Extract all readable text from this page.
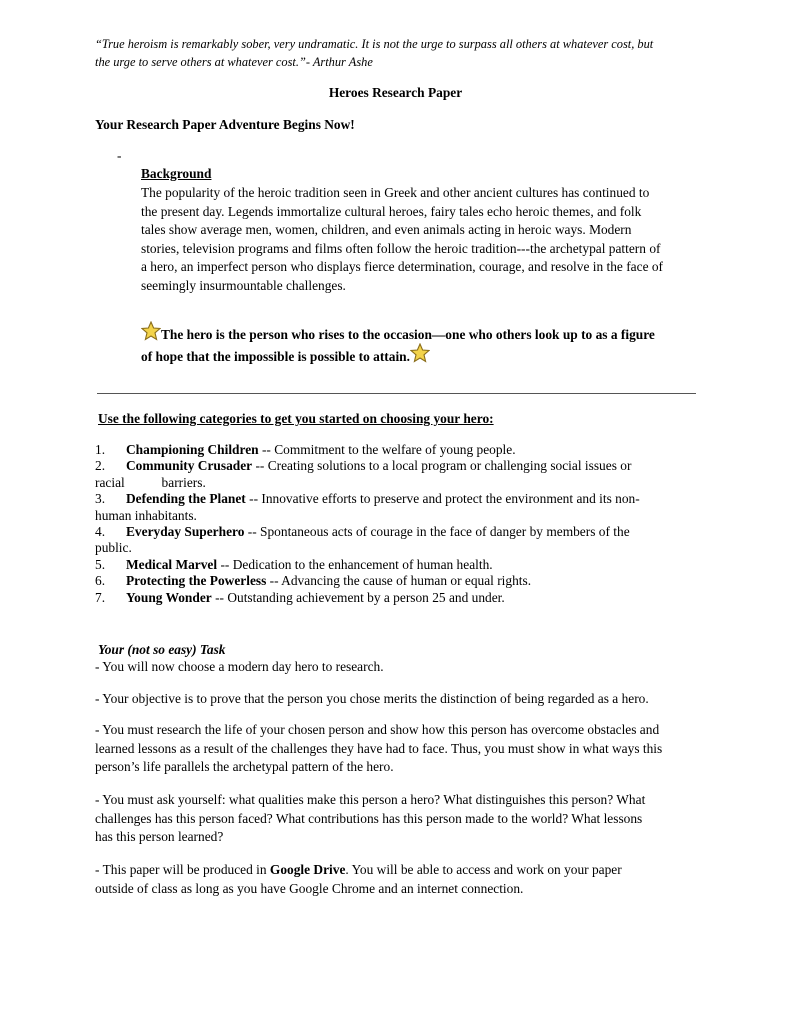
“True heroism is remarkably sober, very undramatic. It is not the urge to surpass all others at whatever cost, but
the urge to serve others at whatever cost.”- Arthur Ashe
Heroes Research Paper
Your Research Paper Adventure Begins Now!
-
Background
The popularity of the heroic tradition seen in Greek and other ancient cultures has continued to
the present day. Legends immortalize cultural heroes, fairy tales echo heroic themes, and folk
tales show average men, women, children, and even animals acting in heroic ways. Modern
stories, television programs and films often follow the heroic tradition---the archetypal pattern of
a hero, an imperfect person who displays fierce determination, courage, and resolve in the face of
seemingly insurmountable challenges.
The hero is the person who rises to the occasion—one who others look up to as a figure
of hope that the impossible is possible to attain.
Use the following categories to get you started on choosing your hero:
1.	Championing Children -- Commitment to the welfare of young people.
2.	Community Crusader -- Creating solutions to a local program or challenging social issues or
racial           barriers.
3.	Defending the Planet -- Innovative efforts to preserve and protect the environment and its non-
human inhabitants.
4.	Everyday Superhero -- Spontaneous acts of courage in the face of danger by members of the
public.
5.	Medical Marvel -- Dedication to the enhancement of human health.
6.	Protecting the Powerless -- Advancing the cause of human or equal rights.
7.	Young Wonder -- Outstanding achievement by a person 25 and under.
Your (not so easy) Task
- You will now choose a modern day hero to research.
- Your objective is to prove that the person you chose merits the distinction of being regarded as a hero.
- You must research the life of your chosen person and show how this person has overcome obstacles and
learned lessons as a result of the challenges they have had to face. Thus, you must show in what ways this
person’s life parallels the archetypal pattern of the hero.
- You must ask yourself: what qualities make this person a hero? What distinguishes this person? What
challenges has this person faced? What contributions has this person made to the world? What lessons
has this person learned?
- This paper will be produced in Google Drive. You will be able to access and work on your paper
outside of class as long as you have Google Chrome and an internet connection.
